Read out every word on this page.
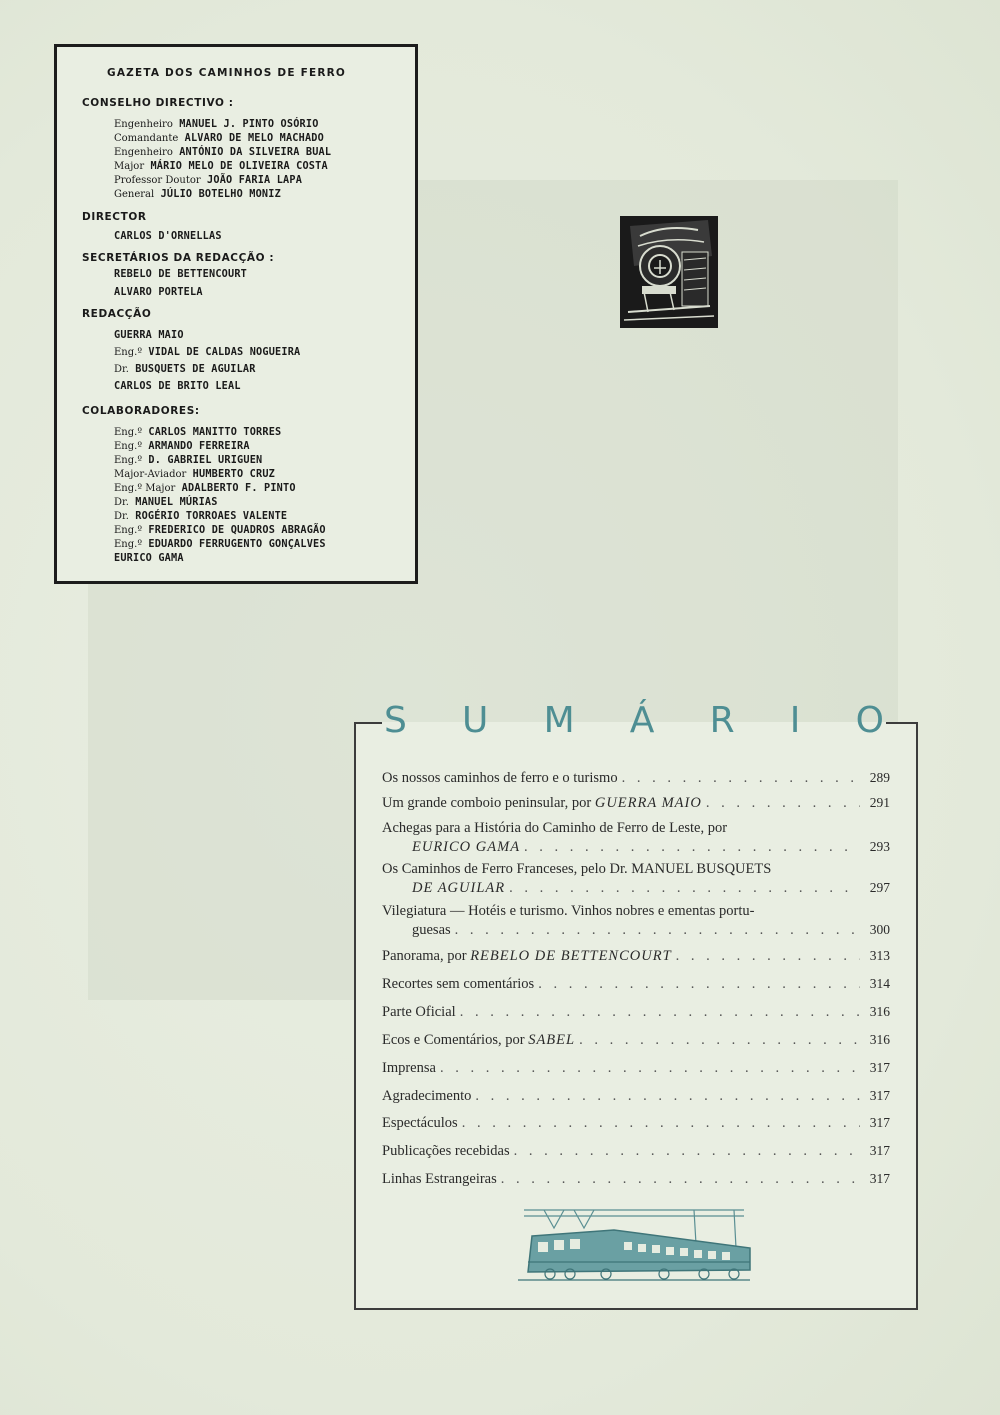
GAZETA DOS CAMINHOS DE FERRO
CONSELHO DIRECTIVO :
Engenheiro MANUEL J. PINTO OSÓRIO
Comandante ALVARO DE MELO MACHADO
Engenheiro ANTÓNIO DA SILVEIRA BUAL
Major MÁRIO MELO DE OLIVEIRA COSTA
Professor Doutor JOÃO FARIA LAPA
General JÚLIO BOTELHO MONIZ
DIRECTOR
CARLOS D'ORNELLAS
SECRETÁRIOS DA REDACÇÃO :
REBELO DE BETTENCOURT
ALVARO PORTELA
REDACÇÃO
GUERRA MAIO
Eng.º VIDAL DE CALDAS NOGUEIRA
Dr. BUSQUETS DE AGUILAR
CARLOS DE BRITO LEAL
COLABORADORES:
Eng.º CARLOS MANITTO TORRES
Eng.º ARMANDO FERREIRA
Eng.º D. GABRIEL URIGUEN
Major-Aviador HUMBERTO CRUZ
Eng.º Major ADALBERTO F. PINTO
Dr. MANUEL MÚRIAS
Dr. ROGÉRIO TORROAES VALENTE
Eng.º FREDERICO DE QUADROS ABRAGÃO
Eng.º EDUARDO FERRUGENTO GONÇALVES
EURICO GAMA
S U M Á R I O
Os nossos caminhos de ferro e o turismo . . .	289
Um grande comboio peninsular, por GUERRA MAIO . . .	291
Achegas para a História do Caminho de Ferro de Leste, por
EURICO GAMA . . .	293
Os Caminhos de Ferro Franceses, pelo Dr. MANUEL BUSQUETS
DE AGUILAR . . .	297
Vilegiatura — Hotéis e turismo. Vinhos nobres e ementas portu-
guesas . . .	300
Panorama, por REBELO DE BETTENCOURT . . .	313
Recortes sem comentários . . .	314
Parte Oficial . . .	316
Ecos e Comentários, por SABEL . . .	316
Imprensa . . .	317
Agradecimento . . .	317
Espectáculos . . .	317
Publicações recebidas . . .	317
Linhas Estrangeiras . . .	317
